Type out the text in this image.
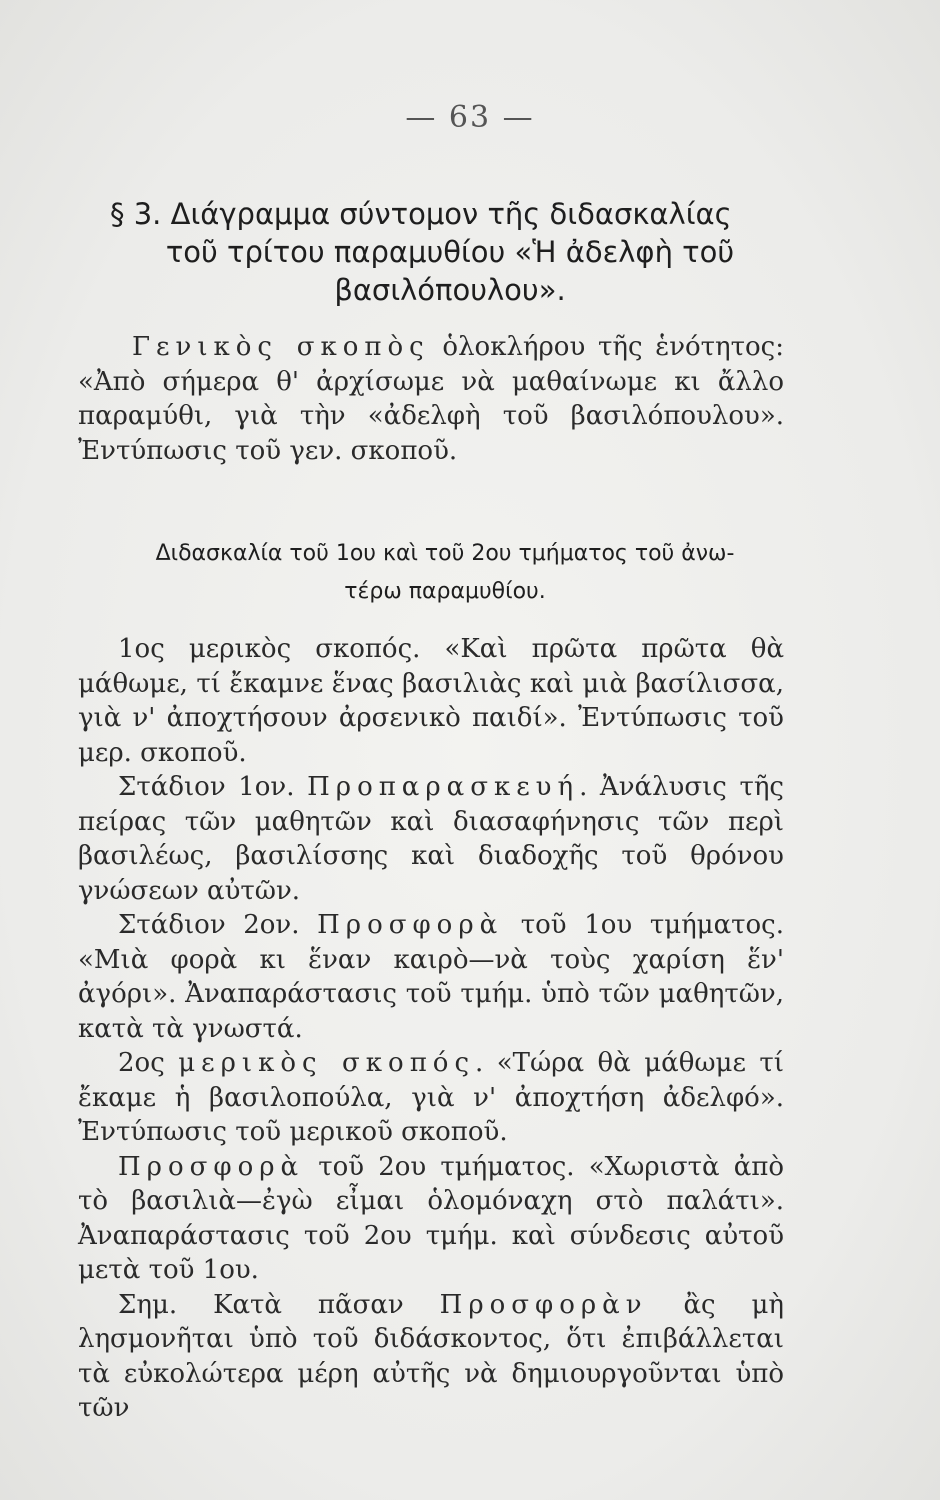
— 63 —
§ 3. Διάγραμμα σύντομον τῆς διδασκαλίας
τοῦ τρίτου παραμυθίου «Ἡ ἀδελφὴ τοῦ
βασιλόπουλου».
Γενικὸς σκοπὸς ὁλοκλήρου τῆς ἑνότητος: «Ἀπὸ σήμερα θ' ἀρχίσωμε νὰ μαθαίνωμε κι ἄλλο παραμύθι, γιὰ τὴν «ἀδελφὴ τοῦ βασιλόπουλου». Ἐντύπωσις τοῦ γεν. σκοποῦ.
Διδασκαλία τοῦ 1ου καὶ τοῦ 2ου τμήματος τοῦ ἀνω-
τέρω παραμυθίου.

1ος μερικὸς σκοπός. «Καὶ πρῶτα πρῶτα θὰ μάθωμε, τί ἔκαμνε ἕνας βασιλιὰς καὶ μιὰ βασίλισσα, γιὰ ν' ἀποχτήσουν ἀρσενικὸ παιδί». Ἐντύπωσις τοῦ μερ. σκοποῦ.

Στάδιον 1ον. Προπαρασκευή. Ἀνάλυσις τῆς πείρας τῶν μαθητῶν καὶ διασαφήνησις τῶν περὶ βασιλέως, βασιλίσσης καὶ διαδοχῆς τοῦ θρόνου γνώσεων αὐτῶν.

Στάδιον 2ον. Προσφορὰ τοῦ 1ου τμήματος. «Μιὰ φορὰ κι ἕναν καιρὸ—νὰ τοὺς χαρίση ἕν' ἀγόρι». Ἀναπαράστασις τοῦ τμήμ. ὑπὸ τῶν μαθητῶν, κατὰ τὰ γνωστά.

2ος μερικὸς σκοπός. «Τώρα θὰ μάθωμε τί ἔκαμε ἡ βασιλοπούλα, γιὰ ν' ἀποχτήση ἀδελφό». Ἐντύπωσις τοῦ μερικοῦ σκοποῦ.

Προσφορὰ τοῦ 2ου τμήματος. «Χωριστὰ ἀπὸ τὸ βασιλιὰ—ἐγὼ εἶμαι ὁλομόναχη στὸ παλάτι». Ἀναπαράστασις τοῦ 2ου τμήμ. καὶ σύνδεσις αὐτοῦ μετὰ τοῦ 1ου.

Σημ. Κατὰ πᾶσαν Προσφορὰν ἂς μὴ λησμονῆται ὑπὸ τοῦ διδάσκοντος, ὅτι ἐπιβάλλεται τὰ εὐκολώτερα μέρη αὐτῆς νὰ δημιουργοῦνται ὑπὸ τῶν
